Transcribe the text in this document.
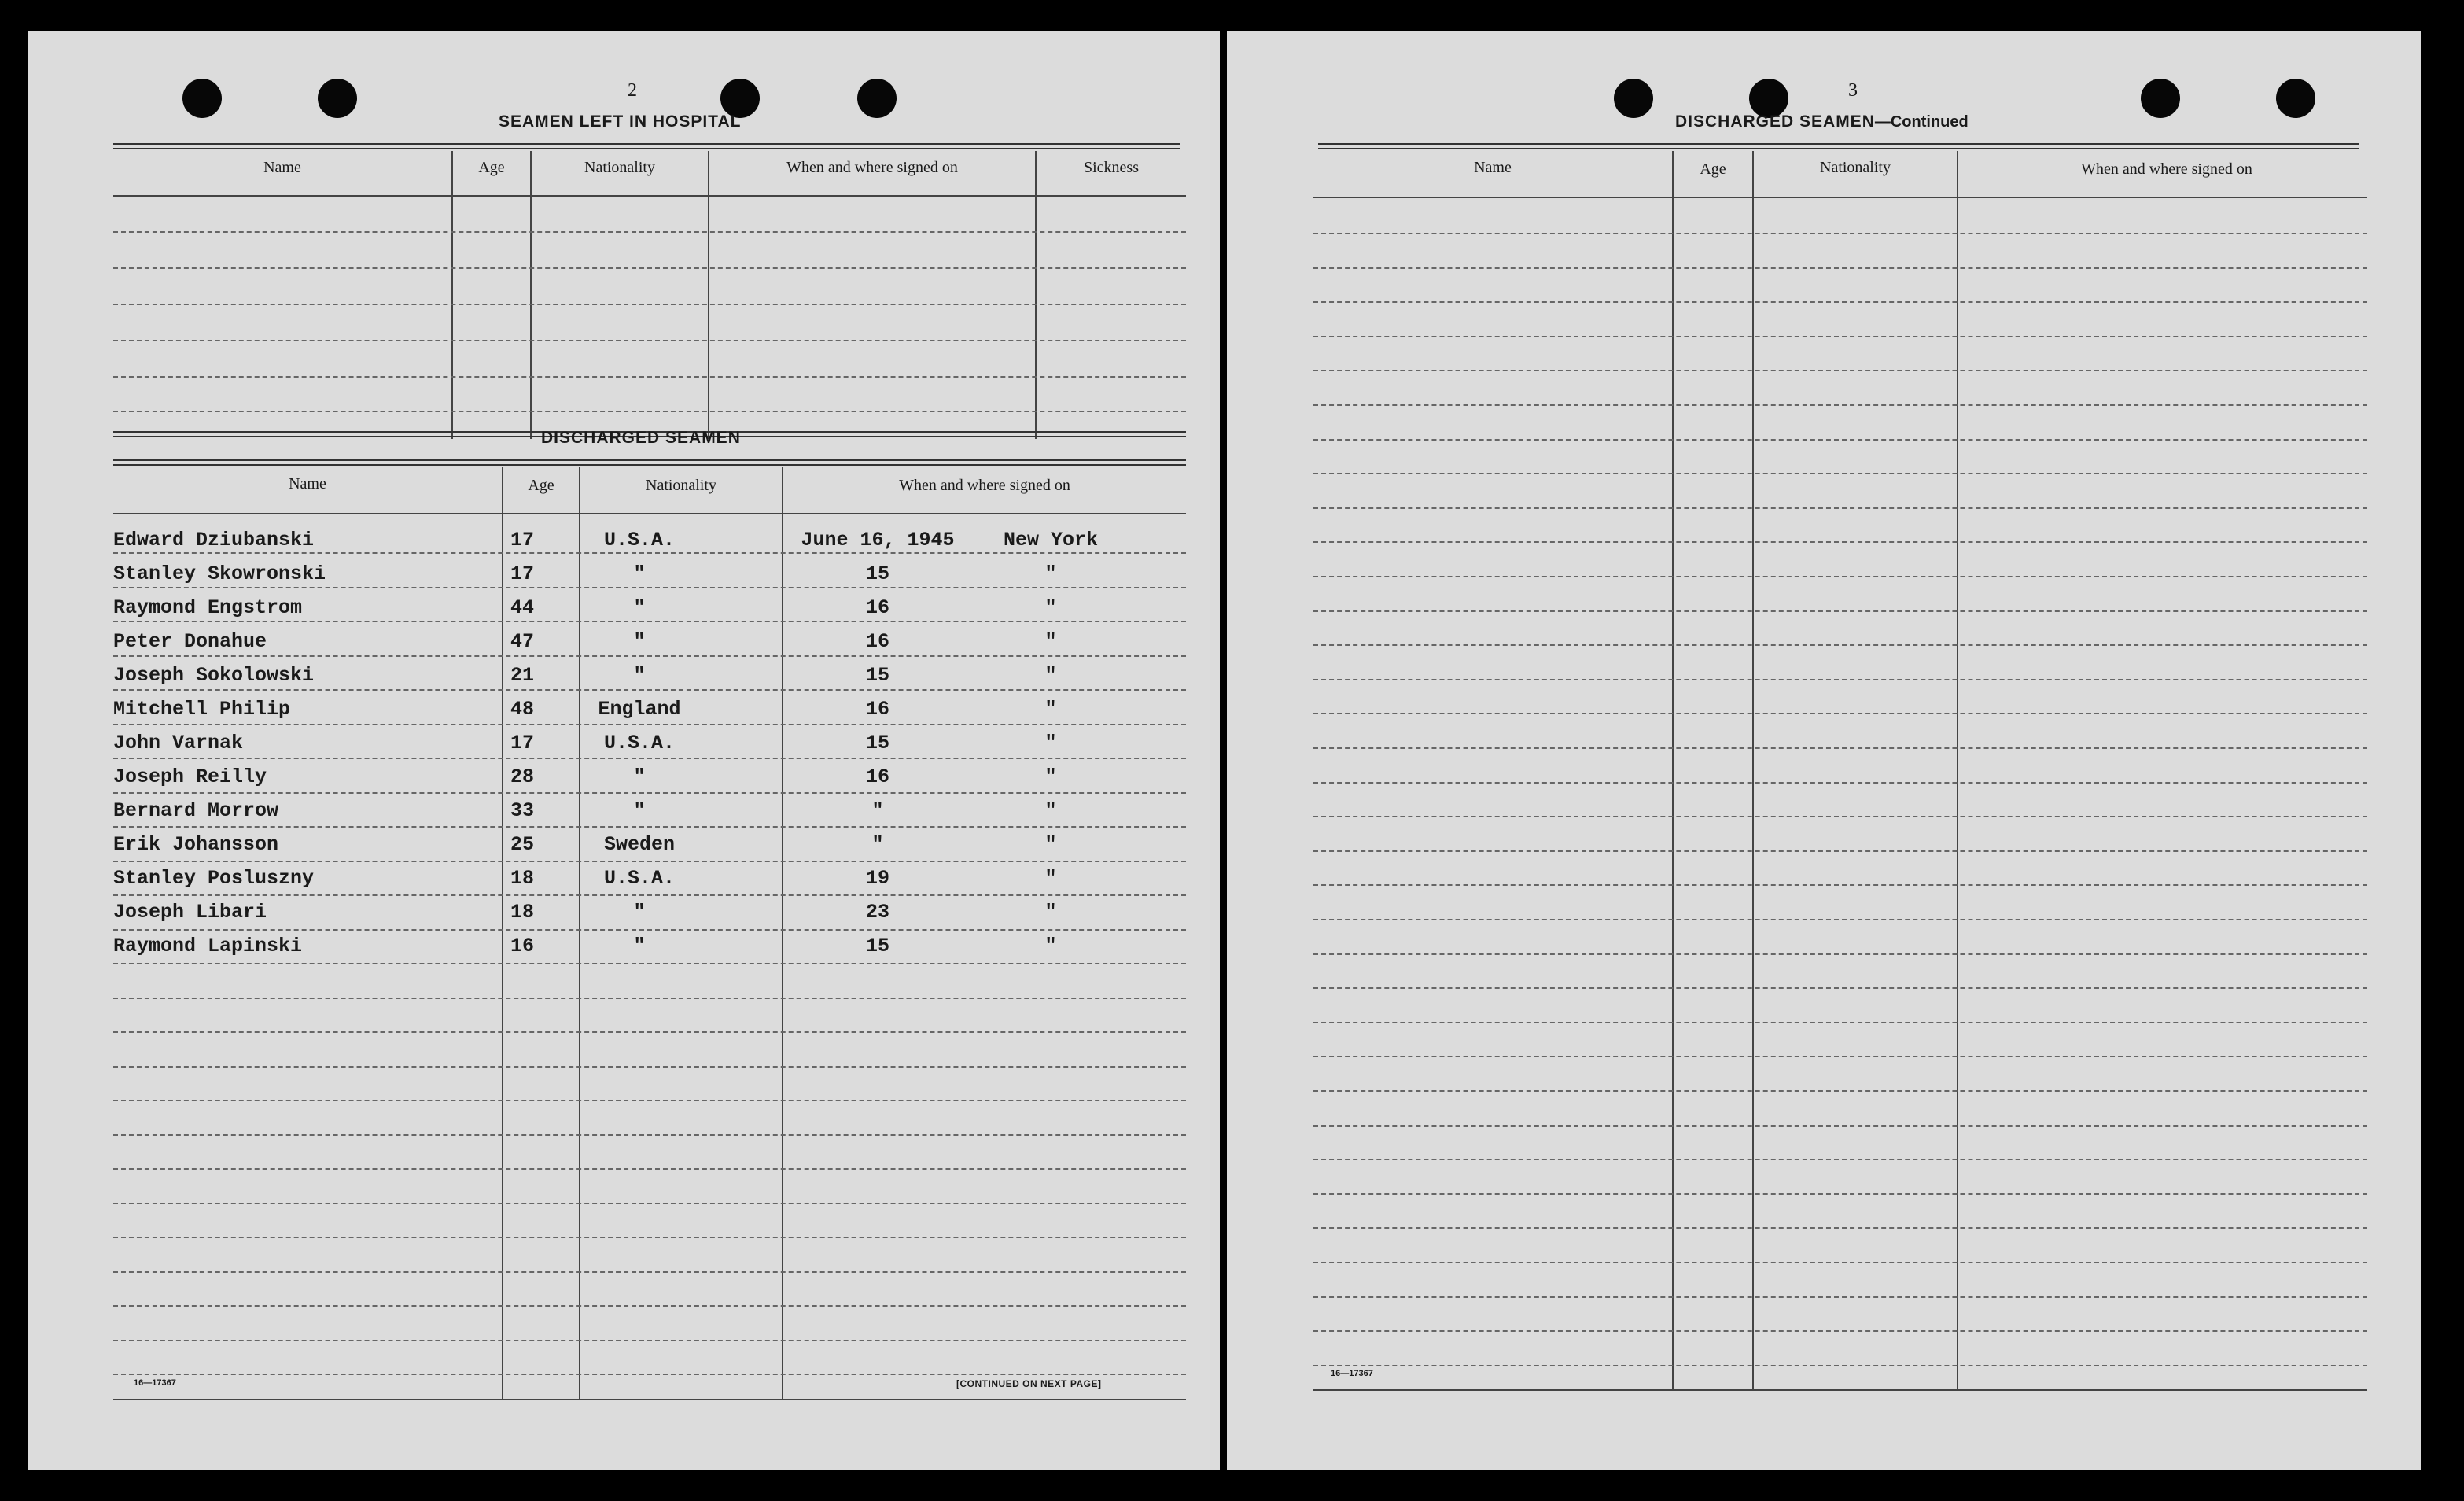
2
SEAMEN LEFT IN HOSPITAL
Name	Age	Nationality	When and where signed on	Sickness
DISCHARGED SEAMEN
Name	Age	Nationality	When and where signed on
Edward Dziubanski	17	U.S.A.	June 16, 1945	New York
Stanley Skowronski	17	"	15	"
Raymond Engstrom	44	"	16	"
Peter Donahue	47	"	16	"
Joseph Sokolowski	21	"	15	"
Mitchell Philip	48	England	16	"
John Varnak	17	U.S.A.	15	"
Joseph Reilly	28	"	16	"
Bernard Morrow	33	"	"	"
Erik Johansson	25	Sweden	"	"
Stanley Posluszny	18	U.S.A.	19	"
Joseph Libari	18	"	23	"
Raymond Lapinski	16	"	15	"
16—17367	[CONTINUED ON NEXT PAGE]
3
DISCHARGED SEAMEN—Continued
Name	Age	Nationality	When and where signed on
16—17367
